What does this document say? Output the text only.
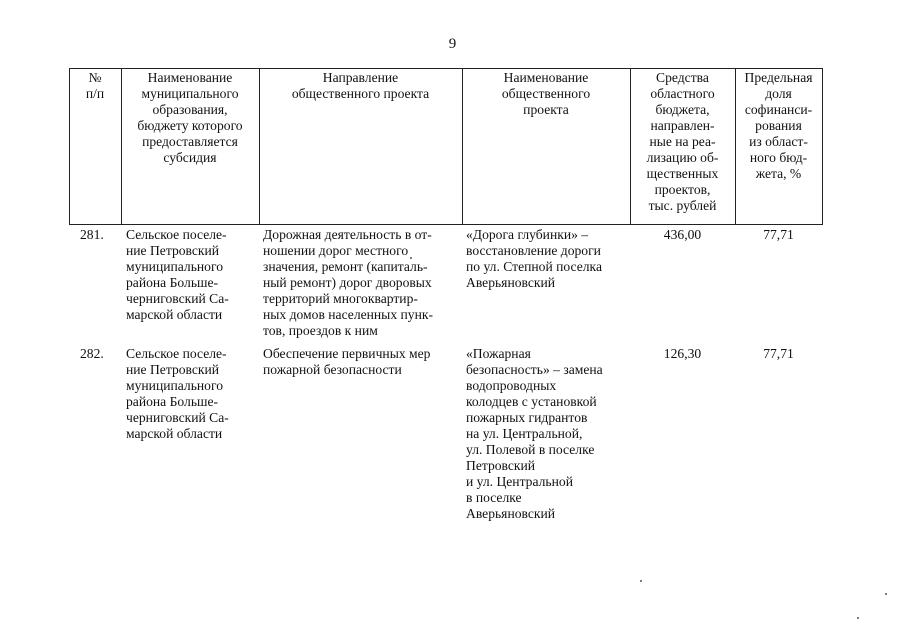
9

№
п/п

Наименование
муниципального
образования,
бюджету которого
предоставляется
субсидия

Направление
общественного проекта

Наименование
общественного
проекта

Средства
областного
бюджета,
направлен-
ные на реа-
лизацию об-
щественных
проектов,
тыс. рублей

Предельная
доля
софинанси-
рования
из област-
ного бюд-
жета, %

281.	Сельское поселе-
ние Петровский
муниципального
района Больше-
черниговский Са-
марской области

Дорожная деятельность в от-
ношении дорог местного
значения, ремонт (капиталь-
ный ремонт) дорог дворовых
территорий многоквартир-
ных домов населенных пунк-
тов, проездов к ним

«Дорога глубинки» –
восстановление дороги
по ул. Степной поселка
Аверьяновский

436,00	77,71

282.	Сельское поселе-
ние Петровский
муниципального
района Больше-
черниговский Са-
марской области

Обеспечение первичных мер
пожарной безопасности

«Пожарная
безопасность» – замена
водопроводных
колодцев с установкой
пожарных гидрантов
на ул. Центральной,
ул. Полевой в поселке
Петровский
и ул. Центральной
в поселке
Аверьяновский

126,30	77,71
